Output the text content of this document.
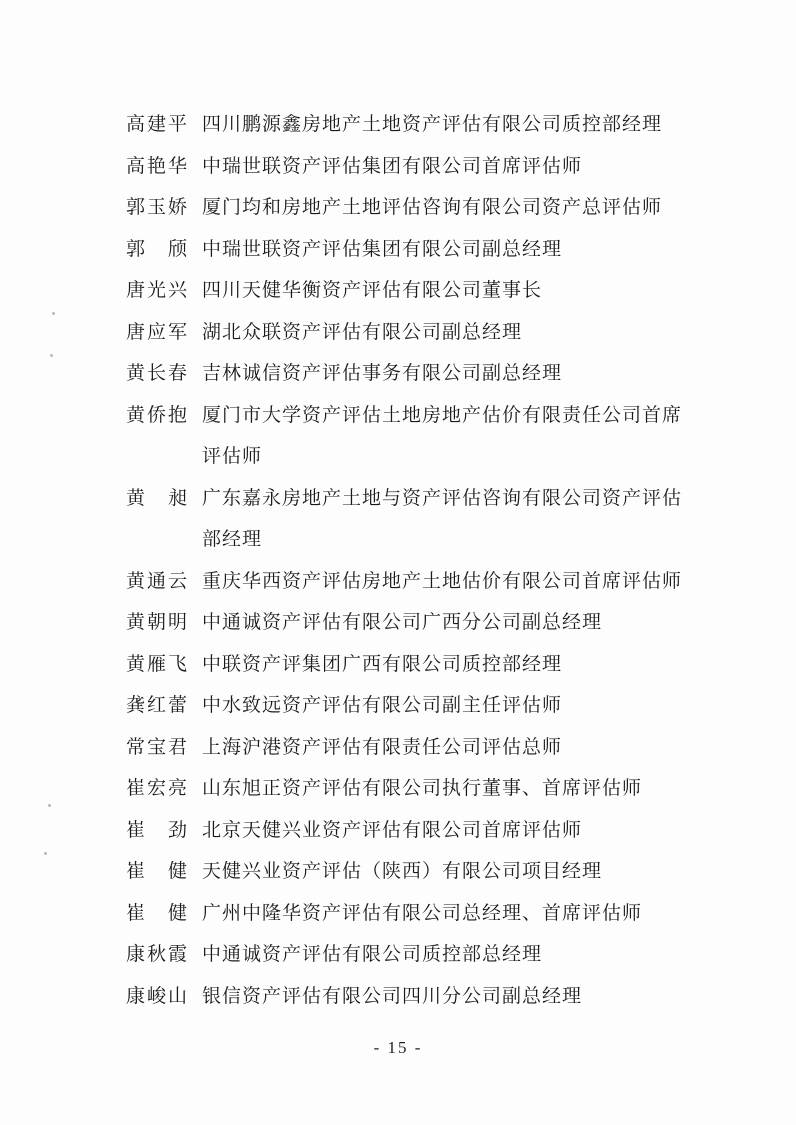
高建平 四川鹏源鑫房地产土地资产评估有限公司质控部经理
高艳华 中瑞世联资产评估集团有限公司首席评估师
郭玉娇 厦门均和房地产土地评估咨询有限公司资产总评估师
郭  颀 中瑞世联资产评估集团有限公司副总经理
唐光兴 四川天健华衡资产评估有限公司董事长
唐应军 湖北众联资产评估有限公司副总经理
黄长春 吉林诚信资产评估事务有限公司副总经理
黄侨抱 厦门市大学资产评估土地房地产估价有限责任公司首席评估师
黄  昶 广东嘉永房地产土地与资产评估咨询有限公司资产评估部经理
黄通云 重庆华西资产评估房地产土地估价有限公司首席评估师
黄朝明 中通诚资产评估有限公司广西分公司副总经理
黄雁飞 中联资产评集团广西有限公司质控部经理
龚红蕾 中水致远资产评估有限公司副主任评估师
常宝君 上海沪港资产评估有限责任公司评估总师
崔宏亮 山东旭正资产评估有限公司执行董事、首席评估师
崔  劲 北京天健兴业资产评估有限公司首席评估师
崔  健 天健兴业资产评估（陕西）有限公司项目经理
崔  健 广州中隆华资产评估有限公司总经理、首席评估师
康秋霞 中通诚资产评估有限公司质控部总经理
康峻山 银信资产评估有限公司四川分公司副总经理
- 15 -
